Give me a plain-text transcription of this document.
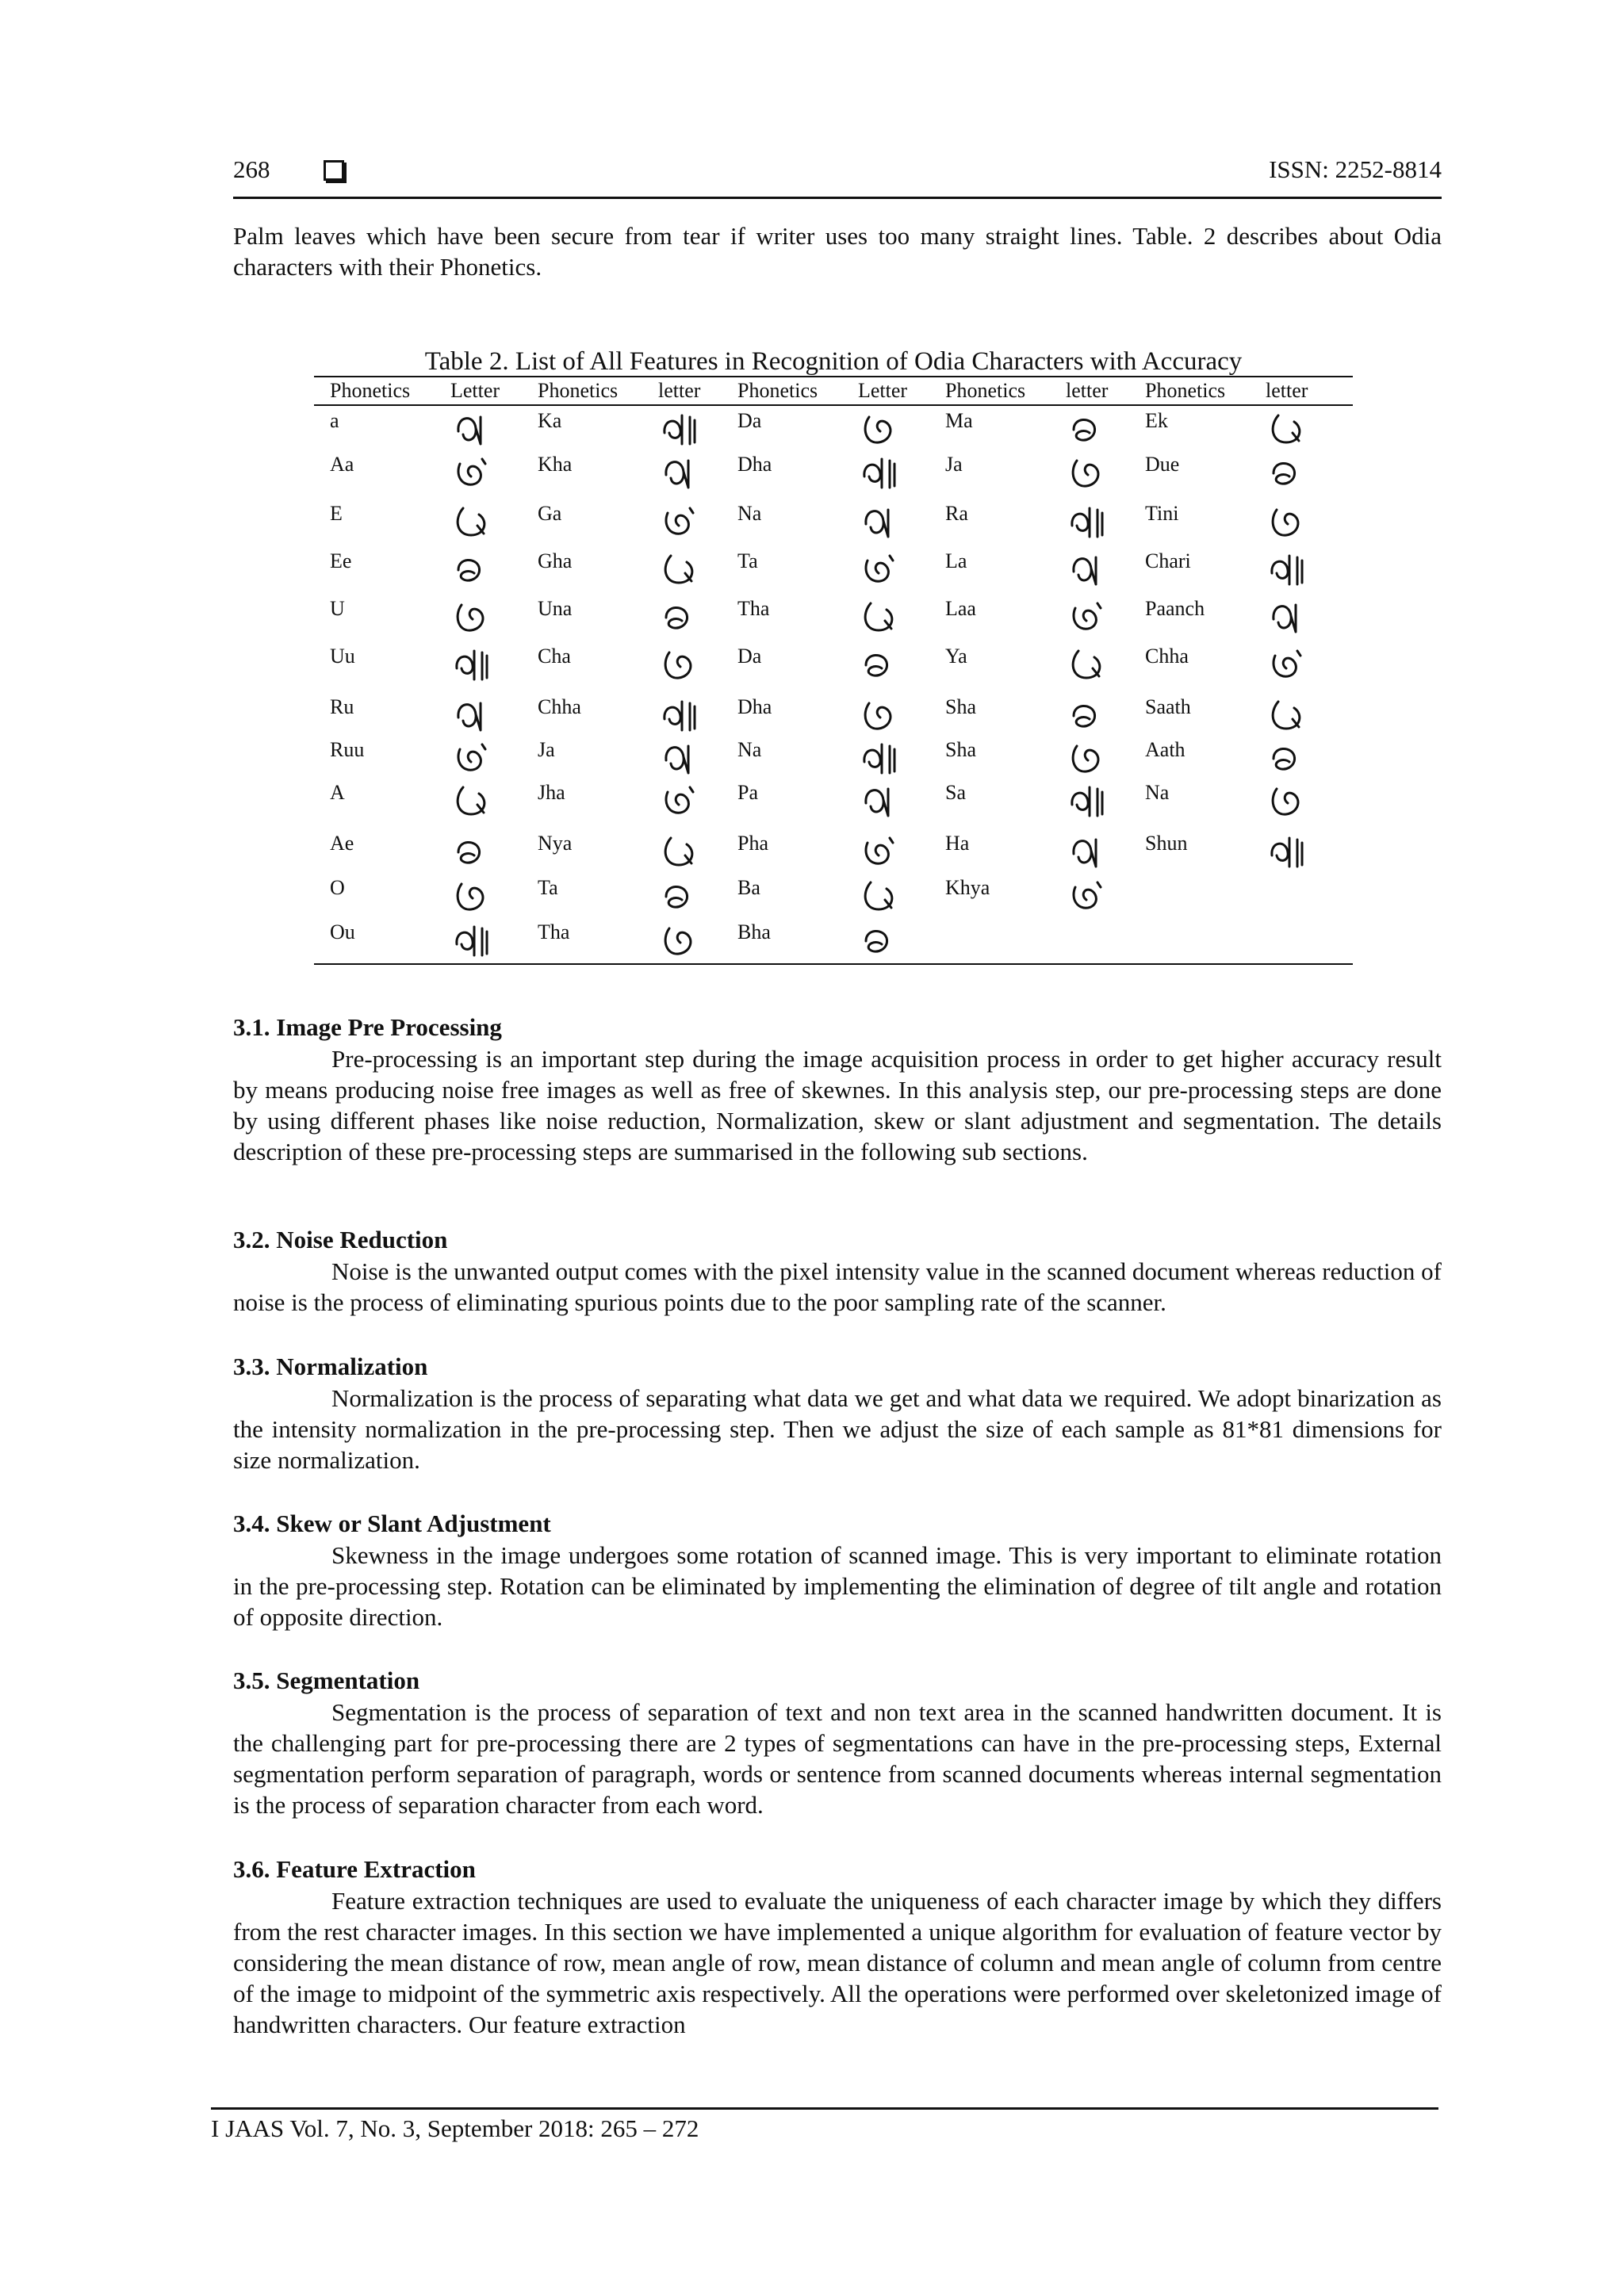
268	ISSN: 2252-8814

Palm leaves which have been secure from tear if writer uses too many straight lines. Table. 2 describes about Odia characters with their Phonetics.

Table 2. List of All Features in Recognition of Odia Characters with Accuracy
Phonetics	Letter	Phonetics	letter	Phonetics	Letter	Phonetics	letter	Phonetics	letter
a		Ka		Da		Ma		Ek	

Aa		Kha		Dha		Ja		Due	

E		Ga		Na		Ra		Tini	

Ee		Gha		Ta		La		Chari	

U		Una		Tha		Laa		Paanch	

Uu		Cha		Da		Ya		Chha	

Ru		Chha		Dha		Sha		Saath	

Ruu		Ja		Na		Sha		Aath	

A		Jha		Pa		Sa		Na	

Ae		Nya		Pha		Ha		Shun	

O		Ta		Ba		Khya	

Ou		Tha		Bha	

3.1. Image Pre Processing

Pre-processing is an important step during the image acquisition process in order to get higher accuracy result by means producing noise free images as well as free of skewnes. In this analysis step, our pre-processing steps are done by using different phases like noise reduction, Normalization, skew or slant adjustment and segmentation. The details description of these pre-processing steps are summarised in the following sub sections.

3.2. Noise Reduction

Noise is the unwanted output comes with the pixel intensity value in the scanned document whereas reduction of noise is the process of eliminating spurious points due to the poor sampling rate of the scanner.

3.3. Normalization

Normalization is the process of separating what data we get and what data we required. We adopt binarization as the intensity normalization in the pre-processing step. Then we adjust the size of each sample as 81*81 dimensions for size normalization.

3.4. Skew or Slant Adjustment

Skewness in the image undergoes some rotation of scanned image. This is very important to eliminate rotation in the pre-processing step. Rotation can be eliminated by implementing the elimination of degree of tilt angle and rotation of opposite direction.

3.5. Segmentation

Segmentation is the process of separation of text and non text area in the scanned handwritten document. It is the challenging part for pre-processing there are 2 types of segmentations can have in the pre-processing steps, External segmentation perform separation of paragraph, words or sentence from scanned documents whereas internal segmentation is the process of separation character from each word.

3.6. Feature Extraction

Feature extraction techniques are used to evaluate the uniqueness of each character image by which they differs from the rest character images. In this section we have implemented a unique algorithm for evaluation of feature vector by considering the mean distance of row, mean angle of row, mean distance of column and mean angle of column from centre of the image to midpoint of the symmetric axis respectively. All the operations were performed over skeletonized image of handwritten characters. Our feature extraction

I JAAS Vol. 7, No. 3, September 2018: 265 – 272
